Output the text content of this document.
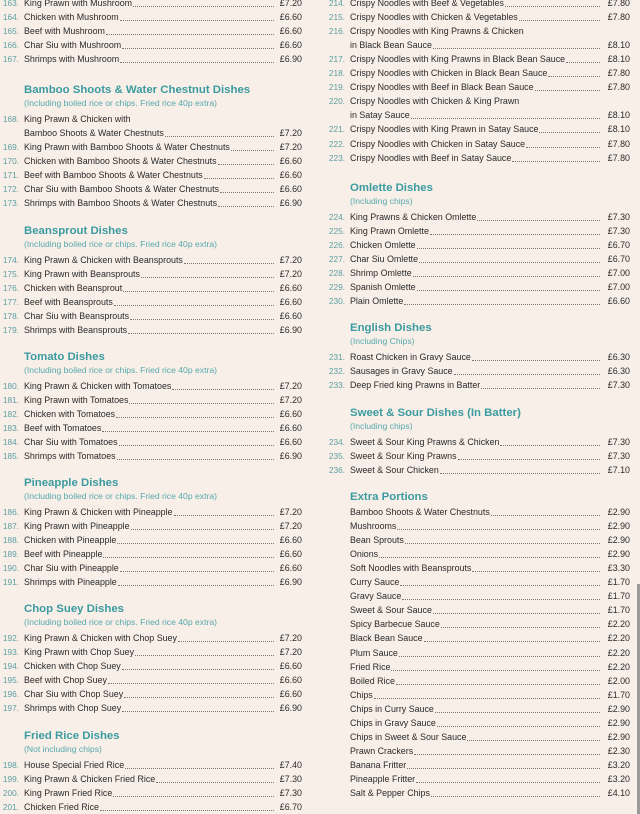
163. King Prawn with Mushroom	£7.20
164. Chicken with Mushroom	£6.60
165. Beef with Mushroom	£6.60
166. Char Siu with Mushroom	£6.60
167. Shrimps with Mushroom	£6.90
Bamboo Shoots & Water Chestnut Dishes
(Including boiled rice or chips. Fried rice 40p extra)
168. King Prawn & Chicken with
Bamboo Shoots & Water Chestnuts	£7.20
169. King Prawn with Bamboo Shoots & Water Chestnuts	£7.20
170. Chicken with Bamboo Shoots & Water Chestnuts	£6.60
171. Beef with Bamboo Shoots & Water Chestnuts	£6.60
172. Char Siu with Bamboo Shoots & Water Chestnuts	£6.60
173. Shrimps with Bamboo Shoots & Water Chestnuts	£6.90
Beansprout Dishes
(Including boiled rice or chips. Fried rice 40p extra)
174. King Prawn & Chicken with Beansprouts	£7.20
175. King Prawn with Beansprouts	£7.20
176. Chicken with Beansprout	£6.60
177. Beef with Beansprouts	£6.60
178. Char Siu with Beansprouts	£6.60
179. Shrimps with Beansprouts	£6.90
Tomato Dishes
(Including boiled rice or chips. Fried rice 40p extra)
180. King Prawn & Chicken with Tomatoes	£7.20
181. King Prawn with Tomatoes	£7.20
182. Chicken with Tomatoes	£6.60
183. Beef with Tomatoes	£6.60
184. Char Siu with Tomatoes	£6.60
185. Shrimps with Tomatoes	£6.90
Pineapple Dishes
(Including boiled rice or chips. Fried rice 40p extra)
186. King Prawn & Chicken with Pineapple	£7.20
187. King Prawn with Pineapple	£7.20
188. Chicken with Pineapple	£6.60
189. Beef with Pineapple	£6.60
190. Char Siu with Pineapple	£6.60
191. Shrimps with Pineapple	£6.90
Chop Suey Dishes
(Including boiled rice or chips. Fried rice 40p extra)
192. King Prawn & Chicken with Chop Suey	£7.20
193. King Prawn with Chop Suey	£7.20
194. Chicken with Chop Suey	£6.60
195. Beef with Chop Suey	£6.60
196. Char Siu with Chop Suey	£6.60
197. Shrimps with Chop Suey	£6.90
Fried Rice Dishes
(Not including chips)
198. House Special Fried Rice	£7.40
199. King Prawn & Chicken Fried Rice	£7.30
200. King Prawn Fried Rice	£7.30
201. Chicken Fried Rice	£6.70
214. Crispy Noodles with Beef & Vegetables	£7.80
215. Crispy Noodles with Chicken & Vegetables	£7.80
216. Crispy Noodles with King Prawns & Chicken
in Black Bean Sauce	£8.10
217. Crispy Noodles with King Prawns in Black Bean Sauce	£8.10
218. Crispy Noodles with Chicken in Black Bean Sauce	£7.80
219. Crispy Noodles with Beef in Black Bean Sauce	£7.80
220. Crispy Noodles with Chicken & King Prawn
in Satay Sauce	£8.10
221. Crispy Noodles with King Prawn in Satay Sauce	£8.10
222. Crispy Noodles with Chicken in Satay Sauce	£7.80
223. Crispy Noodles with Beef in Satay Sauce	£7.80
Omlette Dishes
(Including chips)
224. King Prawns & Chicken Omlette	£7.30
225. King Prawn Omlette	£7.30
226. Chicken Omlette	£6.70
227. Char Siu Omlette	£6.70
228. Shrimp Omlette	£7.00
229. Spanish Omlette	£7.00
230. Plain Omlette	£6.60
English Dishes
(Including Chips)
231. Roast Chicken in Gravy Sauce	£6.30
232. Sausages in Gravy Sauce	£6.30
233. Deep Fried king Prawns in Batter	£7.30
Sweet & Sour Dishes (In Batter)
(Including chips)
234. Sweet & Sour King Prawns & Chicken	£7.30
235. Sweet & Sour King Prawns	£7.30
236. Sweet & Sour Chicken	£7.10
Extra Portions
Bamboo Shoots & Water Chestnuts	£2.90
Mushrooms	£2.90
Bean Sprouts	£2.90
Onions	£2.90
Soft Noodles with Beansprouts	£3.30
Curry Sauce	£1.70
Gravy Sauce	£1.70
Sweet & Sour Sauce	£1.70
Spicy Barbecue Sauce	£2.20
Black Bean Sauce	£2.20
Plum Sauce	£2.20
Fried Rice	£2.20
Boiled Rice	£2.00
Chips	£1.70
Chips in Curry Sauce	£2.90
Chips in Gravy Sauce	£2.90
Chips in Sweet & Sour Sauce	£2.90
Prawn Crackers	£2.30
Banana Fritter	£3.20
Pineapple Fritter	£3.20
Salt & Pepper Chips	£4.10
